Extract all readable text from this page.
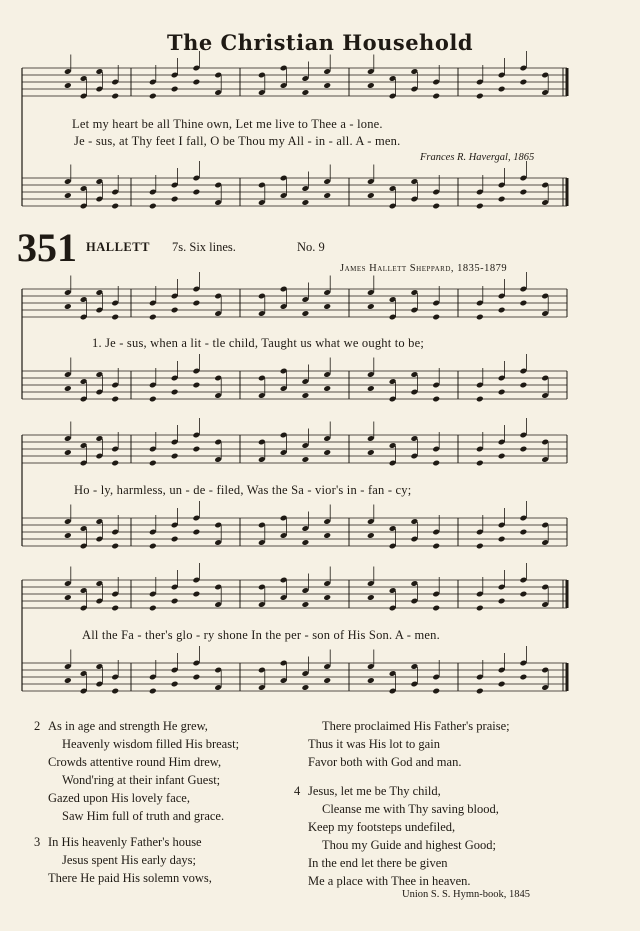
The Christian Household
Let my heart be all Thine own, Let me live to Thee a - lone.
Je - sus, at Thy feet I fall, O be Thou my All - in - all. A - men.
Frances R. Havergal, 1865
351 HALLETT 7s. Six lines.	No. 9
James Hallett Sheppard, 1835-1879
1. Je - sus, when a lit - tle child, Taught us what we ought to be;
Ho - ly, harmless, un - de - filed, Was the Sa - vior's in - fan - cy;
All the Fa - ther's glo - ry shone In the per - son of His Son. A - men.
2 As in age and strength He grew,
Heavenly wisdom filled His breast;
Crowds attentive round Him drew,
Wond'ring at their infant Guest;
Gazed upon His lovely face,
Saw Him full of truth and grace.
3 In His heavenly Father's house
Jesus spent His early days;
There He paid His solemn vows,
There proclaimed His Father's praise;
Thus it was His lot to gain
Favor both with God and man.
4 Jesus, let me be Thy child,
Cleanse me with Thy saving blood,
Keep my footsteps undefiled,
Thou my Guide and highest Good;
In the end let there be given
Me a place with Thee in heaven.
Union S. S. Hymn-book, 1845
